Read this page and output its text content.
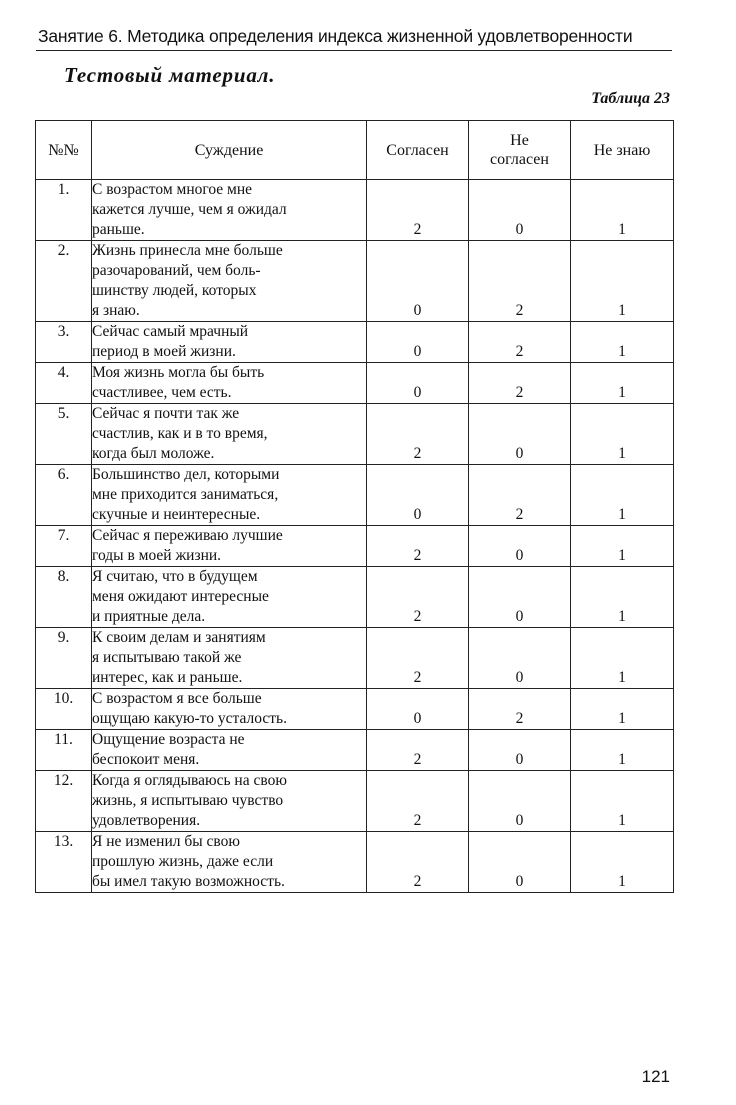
Занятие 6. Методика определения индекса жизненной удовлетворенности
Тестовый материал.
Таблица 23
№№	Суждение	Согласен	Не согласен	Не знаю
1.	С возрастом многое мне
кажется лучше, чем я ожидал
раньше.	2	0	1
2.	Жизнь принесла мне больше
разочарований, чем боль-
шинству людей, которых
я знаю.	0	2	1
3.	Сейчас самый мрачный
период в моей жизни.	0	2	1
4.	Моя жизнь могла бы быть
счастливее, чем есть.	0	2	1
5.	Сейчас я почти так же
счастлив, как и в то время,
когда был моложе.	2	0	1
6.	Большинство дел, которыми
мне приходится заниматься,
скучные и неинтересные.	0	2	1
7.	Сейчас я переживаю лучшие
годы в моей жизни.	2	0	1
8.	Я считаю, что в будущем
меня ожидают интересные
и приятные дела.	2	0	1
9.	К своим делам и занятиям
я испытываю такой же
интерес, как и раньше.	2	0	1
10.	С возрастом я все больше
ощущаю какую-то усталость.	0	2	1
11.	Ощущение возраста не
беспокоит меня.	2	0	1
12.	Когда я оглядываюсь на свою
жизнь, я испытываю чувство
удовлетворения.	2	0	1
13.	Я не изменил бы свою
прошлую жизнь, даже если
бы имел такую возможность.	2	0	1
121
